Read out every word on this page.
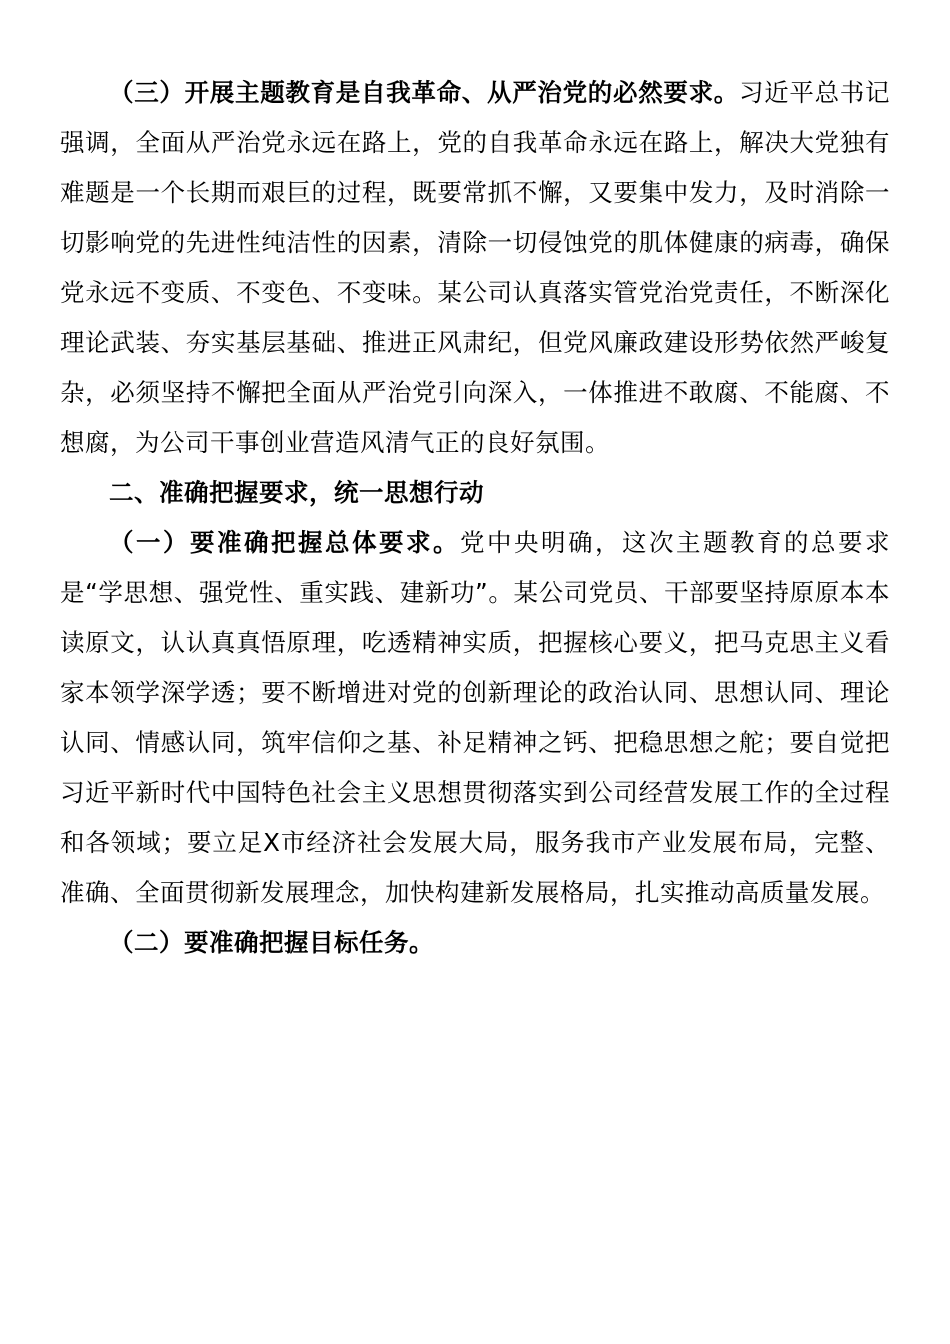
（三）开展主题教育是自我革命、从严治党的必然要求。习近平总书记强调，全面从严治党永远在路上，党的自我革命永远在路上，解决大党独有难题是一个长期而艰巨的过程，既要常抓不懈，又要集中发力，及时消除一切影响党的先进性纯洁性的因素，清除一切侵蚀党的肌体健康的病毒，确保党永远不变质、不变色、不变味。某公司认真落实管党治党责任，不断深化理论武装、夯实基层基础、推进正风肃纪，但党风廉政建设形势依然严峻复杂，必须坚持不懈把全面从严治党引向深入，一体推进不敢腐、不能腐、不想腐，为公司干事创业营造风清气正的良好氛围。

二、准确把握要求，统一思想行动

（一）要准确把握总体要求。党中央明确，这次主题教育的总要求是“学思想、强党性、重实践、建新功”。某公司党员、干部要坚持原原本本读原文，认认真真悟原理，吃透精神实质，把握核心要义，把马克思主义看家本领学深学透；要不断增进对党的创新理论的政治认同、思想认同、理论认同、情感认同，筑牢信仰之基、补足精神之钙、把稳思想之舵；要自觉把习近平新时代中国特色社会主义思想贯彻落实到公司经营发展工作的全过程和各领域；要立足X市经济社会发展大局，服务我市产业发展布局，完整、准确、全面贯彻新发展理念，加快构建新发展格局，扎实推动高质量发展。

（二）要准确把握目标任务。
